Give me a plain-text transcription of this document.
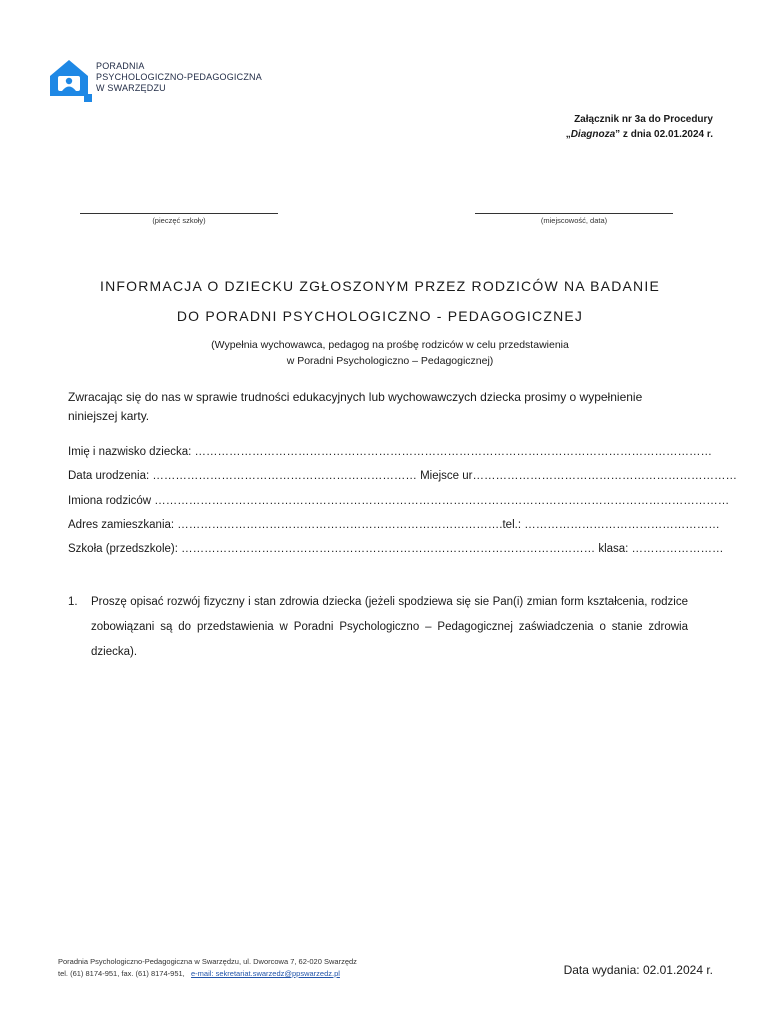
PORADNIA
PSYCHOLOGICZNO-PEDAGOGICZNA
W SWARZĘDZU
Załącznik nr 3a do Procedury
„Diagnoza” z dnia 02.01.2024 r.
(pieczęć szkoły)	(miejscowość, data)
INFORMACJA O DZIECKU ZGŁOSZONYM PRZEZ RODZICÓW NA BADANIE
DO PORADNI PSYCHOLOGICZNO - PEDAGOGICZNEJ
(Wypełnia wychowawca, pedagog na prośbę rodziców w celu przedstawienia
w Poradni Psychologiczno – Pedagogicznej)
Zwracając się do nas w sprawie trudności edukacyjnych lub wychowawczych dziecka prosimy o wypełnienie niniejszej karty.
Imię i nazwisko dziecka: ………………………………………………………………………………………………………………………
Data urodzenia: …………………………………………………………… Miejsce ur……………………………………………………………
Imiona rodziców ……………………………………………………………………………………………………………………………………
Adres zamieszkania: ………………………………………………………………………….tel.: ……………………………………………
Szkoła (przedszkole): ……………………………………………………………………………………………… klasa: ……………………
1. Proszę opisać rozwój fizyczny i stan zdrowia dziecka (jeżeli spodziewa się sie Pan(i) zmian form kształcenia, rodzice zobowiązani są do przedstawienia w Poradni Psychologiczno – Pedagogicznej zaświadczenia o stanie zdrowia dziecka).
Poradnia Psychologiczno-Pedagogiczna w Swarzędzu, ul. Dworcowa 7, 62-020 Swarzędz
tel. (61) 8174-951, fax. (61) 8174-951, e-mail: sekretariat.swarzedz@ppswarzedz.pl	Data wydania: 02.01.2024 r.
